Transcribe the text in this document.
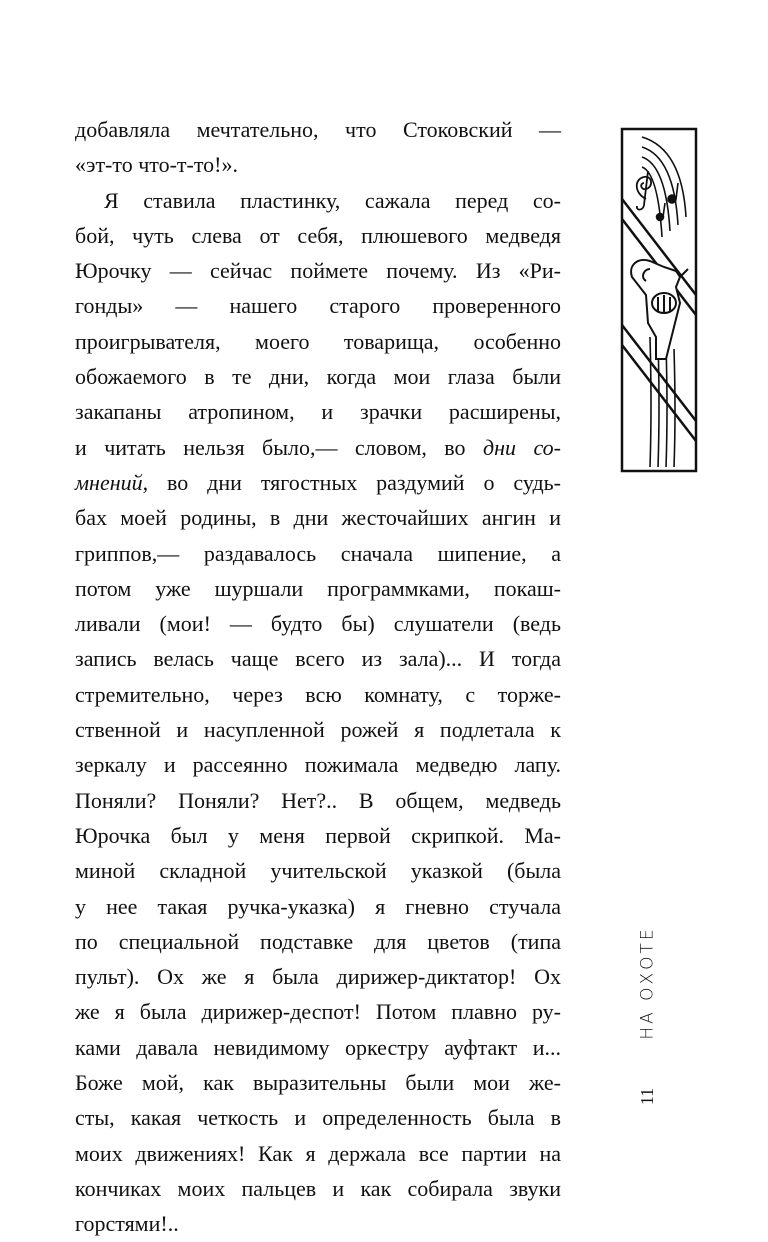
добавляла мечтательно, что Стоковский —
«эт-то что-т-то!».
Я ставила пластинку, сажала перед со-
бой, чуть слева от себя, плюшевого медведя
Юрочку — сейчас поймете почему. Из «Ри-
гонды» — нашего старого проверенного
проигрывателя, моего товарища, особенно
обожаемого в те дни, когда мои глаза были
закапаны атропином, и зрачки расширены,
и читать нельзя было,— словом, во дни со-
мнений, во дни тягостных раздумий о судь-
бах моей родины, в дни жесточайших ангин и
гриппов,— раздавалось сначала шипение, а
потом уже шуршали программками, покаш-
ливали (мои! — будто бы) слушатели (ведь
запись велась чаще всего из зала)... И тогда
стремительно, через всю комнату, с торже-
ственной и насупленной рожей я подлетала к
зеркалу и рассеянно пожимала медведю лапу.
Поняли? Поняли? Нет?.. В общем, медведь
Юрочка был у меня первой скрипкой. Ма-
миной складной учительской указкой (была
у нее такая ручка-указка) я гневно стучала
по специальной подставке для цветов (типа
пульт). Ох же я была дирижер-диктатор! Ох
же я была дирижер-деспот! Потом плавно ру-
ками давала невидимому оркестру ауфтакт и...
Боже мой, как выразительны были мои же-
сты, какая четкость и определенность была в
моих движениях! Как я держала все партии на
кончиках моих пальцев и как собирала звуки
горстями!..
НА ОХОТЕ
11
